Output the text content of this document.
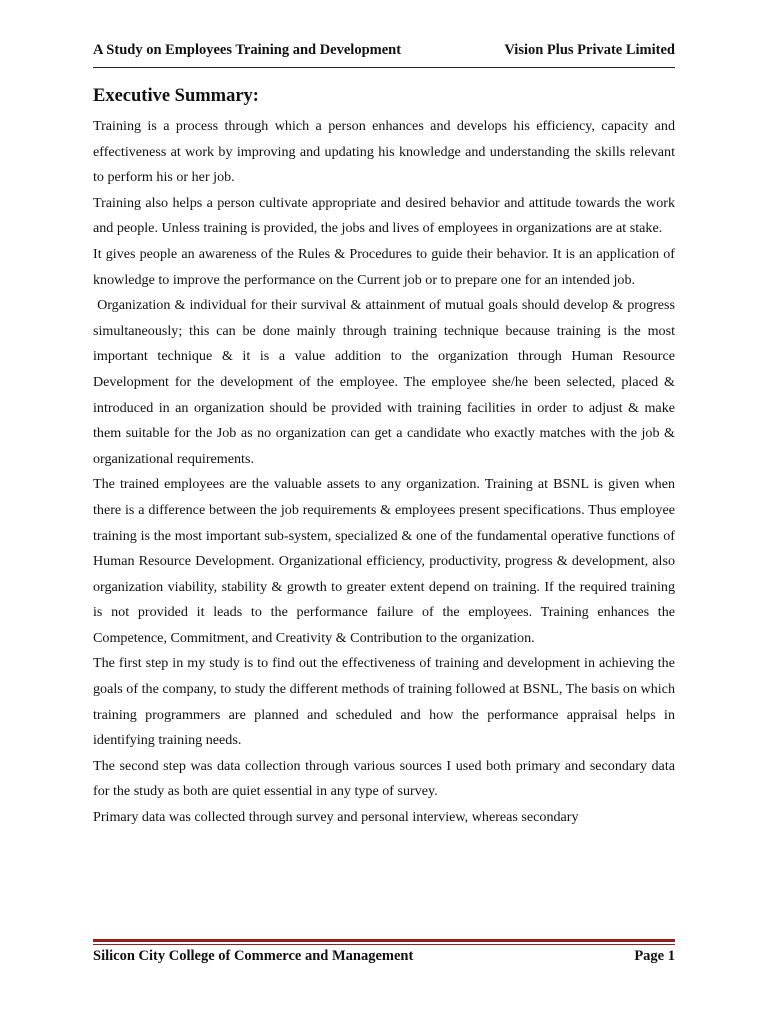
A Study on Employees Training and Development	Vision Plus Private Limited
Executive Summary:

Training is a process through which a person enhances and develops his efficiency, capacity and effectiveness at work by improving and updating his knowledge and understanding the skills relevant to perform his or her job.

Training also helps a person cultivate appropriate and desired behavior and attitude towards the work and people. Unless training is provided, the jobs and lives of employees in organizations are at stake.

It gives people an awareness of the Rules & Procedures to guide their behavior. It is an application of knowledge to improve the performance on the Current job or to prepare one for an intended job.

Organization & individual for their survival & attainment of mutual goals should develop & progress simultaneously; this can be done mainly through training technique because training is the most important technique & it is a value addition to the organization through Human Resource Development for the development of the employee. The employee she/he been selected, placed & introduced in an organization should be provided with training facilities in order to adjust & make them suitable for the Job as no organization can get a candidate who exactly matches with the job & organizational requirements.

The trained employees are the valuable assets to any organization. Training at BSNL is given when there is a difference between the job requirements & employees present specifications. Thus employee training is the most important sub-system, specialized & one of the fundamental operative functions of Human Resource Development. Organizational efficiency, productivity, progress & development, also organization viability, stability & growth to greater extent depend on training. If the required training is not provided it leads to the performance failure of the employees. Training enhances the Competence, Commitment, and Creativity & Contribution to the organization.

The first step in my study is to find out the effectiveness of training and development in achieving the goals of the company, to study the different methods of training followed at BSNL, The basis on which training programmers are planned and scheduled and how the performance appraisal helps in identifying training needs.

The second step was data collection through various sources I used both primary and secondary data for the study as both are quiet essential in any type of survey.

Primary data was collected through survey and personal interview, whereas secondary

Silicon City College of Commerce and Management	Page 1
